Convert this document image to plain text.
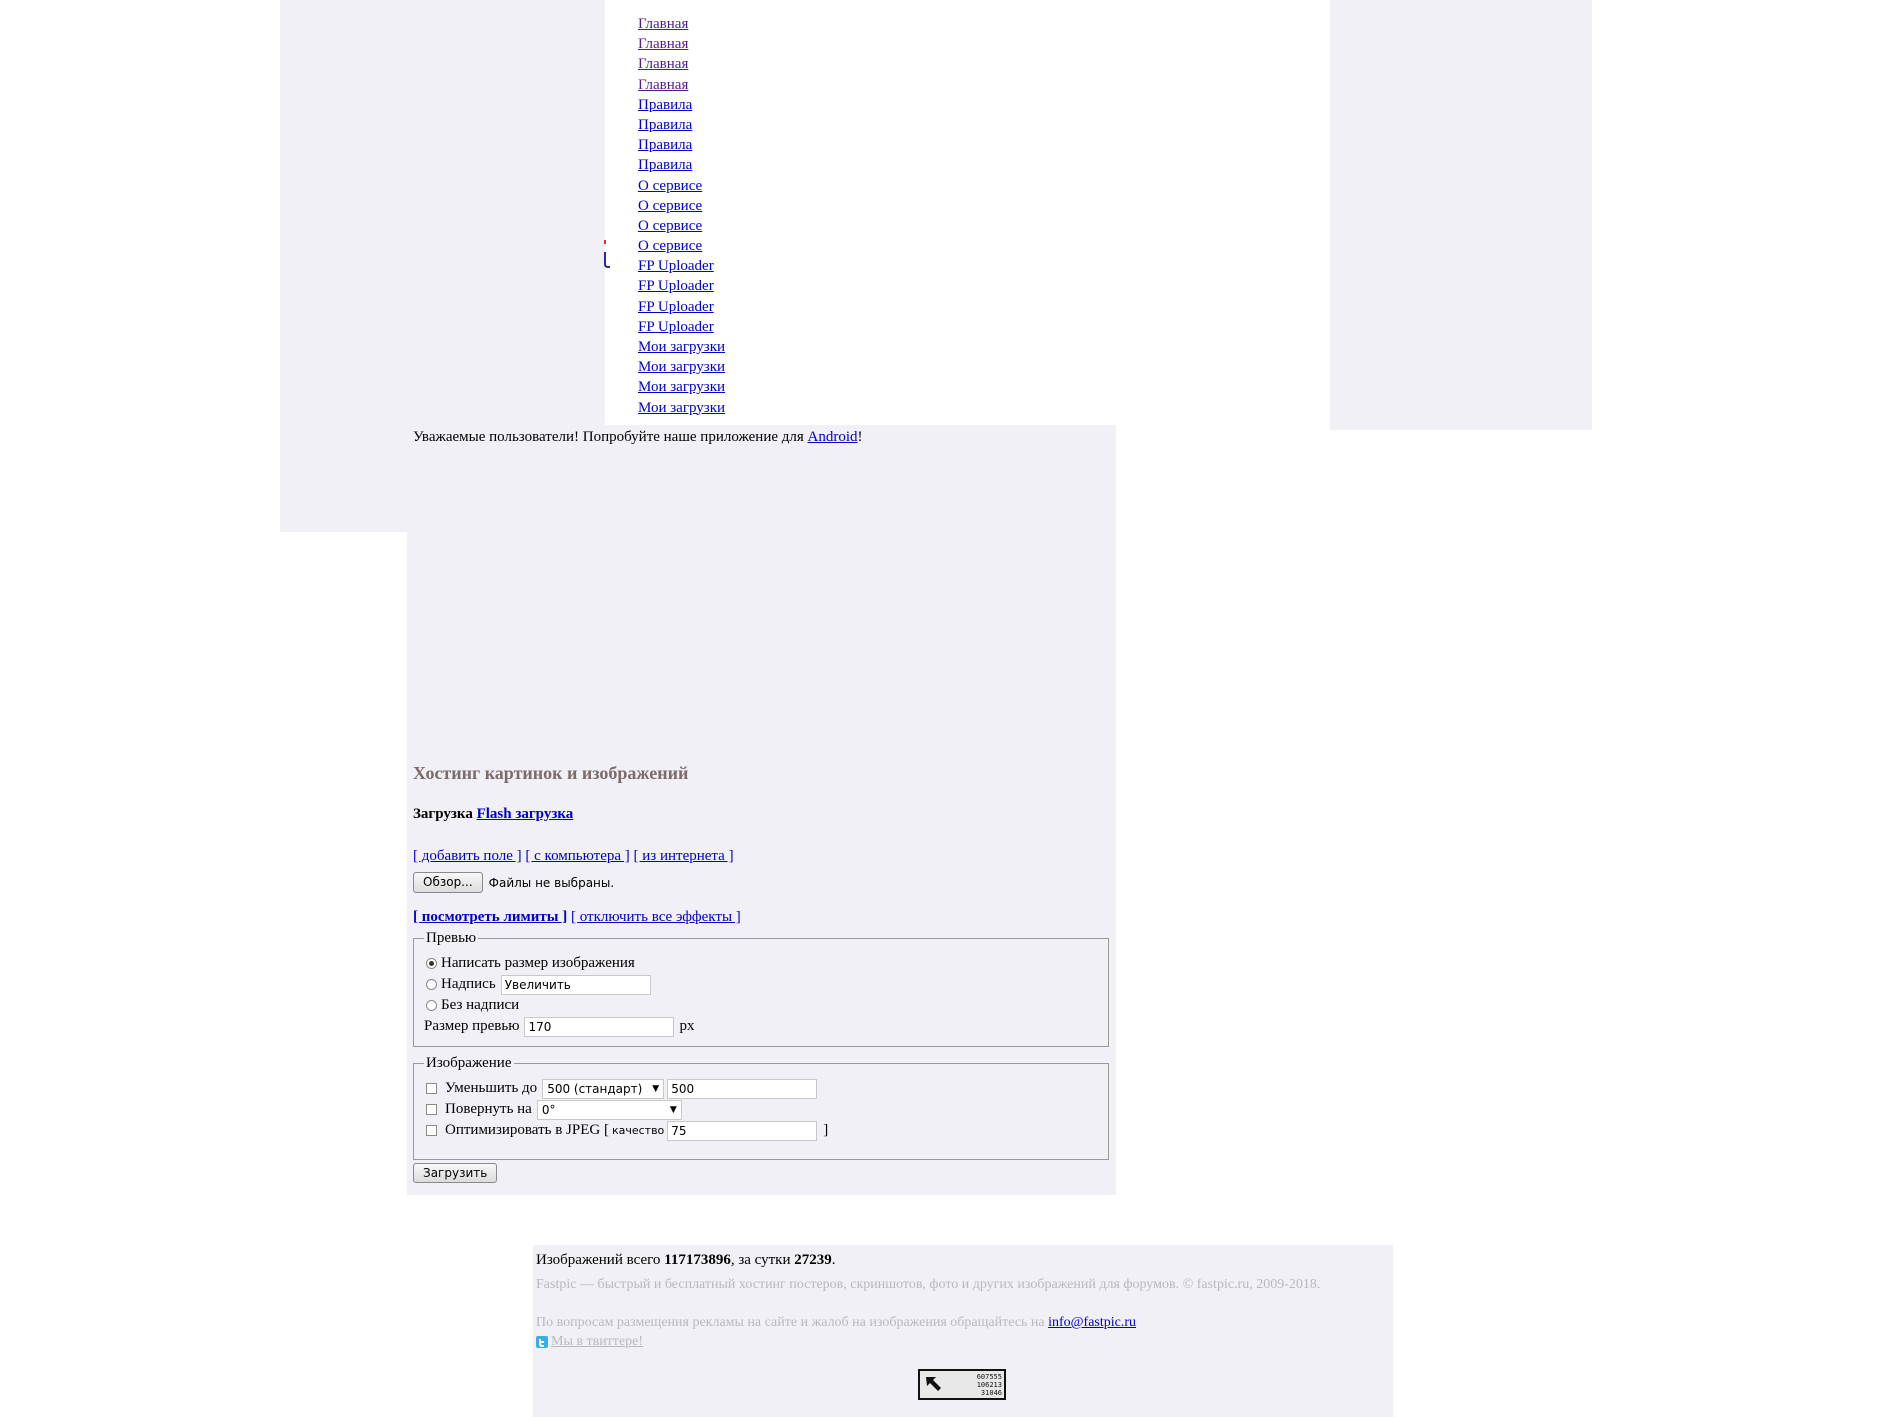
Главная
Главная
Главная
Главная
Правила
Правила
Правила
Правила
О сервисе
О сервисе
О сервисе
О сервисе
FP Uploader
FP Uploader
FP Uploader
FP Uploader
Мои загрузки
Мои загрузки
Мои загрузки
Мои загрузки
Уважаемые пользователи! Попробуйте наше приложение для Android!
Хостинг картинок и изображений
Загрузка Flash загрузка
[ добавить поле ] [ с компьютера ] [ из интернета ]
Обзор...	Файлы не выбраны.
[ посмотреть лимиты ] [ отключить все эффекты ]
Превью
Написать размер изображения
Надпись Увеличить
Без надписи
Размер превью 170	px
Изображение
Уменьшить до 500 (стандарт) ▼	500
Повернуть на 0°	▼
Оптимизировать в JPEG [ качество 75	]
Загрузить
Изображений всего 117173896, за сутки 27239.
Fastpic — быстрый и бесплатный хостинг постеров, скриншотов, фото и других изображений для форумов. © fastpic.ru, 2009-2018.
По вопросам размещения рекламы на сайте и жалоб на изображения обращайтесь на info@fastpic.ru
Мы в твиттере!
607555
106213
31046
